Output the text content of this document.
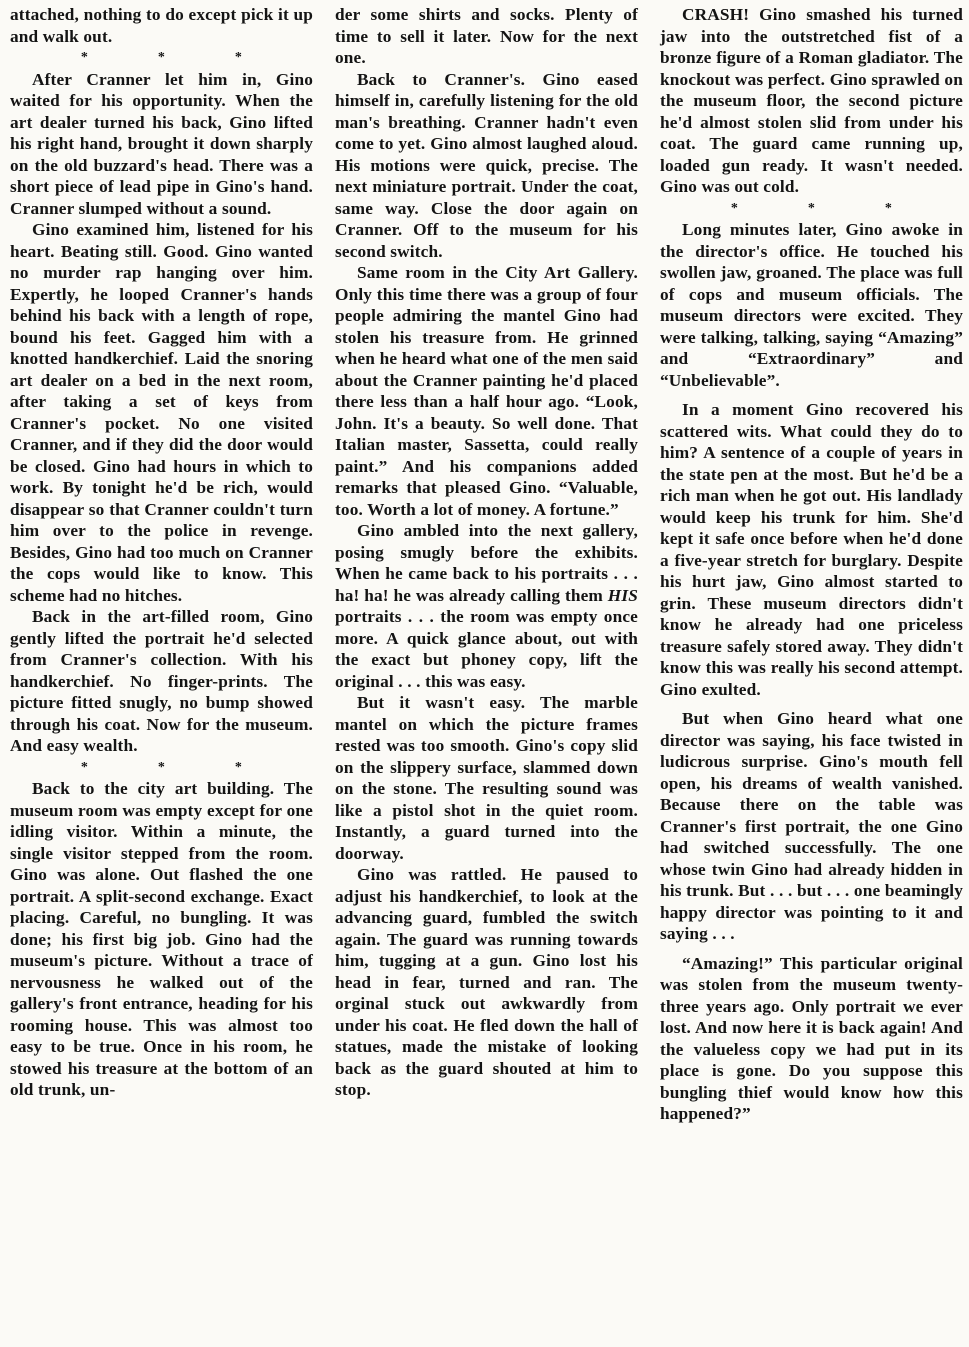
attached, nothing to do except pick it up and walk out.

*	*	*

After Cranner let him in, Gino waited for his opportunity. When the art dealer turned his back, Gino lifted his right hand, brought it down sharply on the old buzzard's head. There was a short piece of lead pipe in Gino's hand. Cranner slumped without a sound.

Gino examined him, listened for his heart. Beating still. Good. Gino wanted no murder rap hanging over him. Expertly, he looped Cranner's hands behind his back with a length of rope, bound his feet. Gagged him with a knotted handkerchief. Laid the snoring art dealer on a bed in the next room, after taking a set of keys from Cranner's pocket. No one visited Cranner, and if they did the door would be closed. Gino had hours in which to work. By tonight he'd be rich, would disappear so that Cranner couldn't turn him over to the police in revenge. Besides, Gino had too much on Cranner the cops would like to know. This scheme had no hitches.

Back in the art-filled room, Gino gently lifted the portrait he'd selected from Cranner's collection. With his handkerchief. No finger-prints. The picture fitted snugly, no bump showed through his coat. Now for the museum. And easy wealth.

*	*	*

Back to the city art building. The museum room was empty except for one idling visitor. Within a minute, the single visitor stepped from the room. Gino was alone. Out flashed the one portrait. A split-second exchange. Exact placing. Careful, no bungling. It was done; his first big job. Gino had the museum's picture. Without a trace of nervousness he walked out of the gallery's front entrance, heading for his rooming house. This was almost too easy to be true. Once in his room, he stowed his treasure at the bottom of an old trunk, un-

der some shirts and socks. Plenty of time to sell it later. Now for the next one.

Back to Cranner's. Gino eased himself in, carefully listening for the old man's breathing. Cranner hadn't even come to yet. Gino almost laughed aloud. His motions were quick, precise. The next miniature portrait. Under the coat, same way. Close the door again on Cranner. Off to the museum for his second switch.

Same room in the City Art Gallery. Only this time there was a group of four people admiring the mantel Gino had stolen his treasure from. He grinned when he heard what one of the men said about the Cranner painting he'd placed there less than a half hour ago. “Look, John. It's a beauty. So well done. That Italian master, Sassetta, could really paint.” And his companions added remarks that pleased Gino. “Valuable, too. Worth a lot of money. A fortune.”

Gino ambled into the next gallery, posing smugly before the exhibits. When he came back to his portraits . . . ha! ha! he was already calling them HIS portraits . . . the room was empty once more. A quick glance about, out with the exact but phoney copy, lift the original . . . this was easy.

But it wasn't easy. The marble mantel on which the picture frames rested was too smooth. Gino's copy slid on the slippery surface, slammed down on the stone. The resulting sound was like a pistol shot in the quiet room. Instantly, a guard turned into the doorway.

Gino was rattled. He paused to adjust his handkerchief, to look at the advancing guard, fumbled the switch again. The guard was running towards him, tugging at a gun. Gino lost his head in fear, turned and ran. The orginal stuck out awkwardly from under his coat. He fled down the hall of statues, made the mistake of looking back as the guard shouted at him to stop.

CRASH! Gino smashed his turned jaw into the outstretched fist of a bronze figure of a Roman gladiator. The knockout was perfect. Gino sprawled on the museum floor, the second picture he'd almost stolen slid from under his coat. The guard came running up, loaded gun ready. It wasn't needed. Gino was out cold.

*	*	*

Long minutes later, Gino awoke in the director's office. He touched his swollen jaw, groaned. The place was full of cops and museum officials. The museum directors were excited. They were talking, talking, saying “Amazing” and “Extraordinary” and “Unbelievable”.

In a moment Gino recovered his scattered wits. What could they do to him? A sentence of a couple of years in the state pen at the most. But he'd be a rich man when he got out. His landlady would keep his trunk for him. She'd kept it safe once before when he'd done a five-year stretch for burglary. Despite his hurt jaw, Gino almost started to grin. These museum directors didn't know he already had one priceless treasure safely stored away. They didn't know this was really his second attempt. Gino exulted.

But when Gino heard what one director was saying, his face twisted in ludicrous surprise. Gino's mouth fell open, his dreams of wealth vanished. Because there on the table was Cranner's first portrait, the one Gino had switched successfully. The one whose twin Gino had already hidden in his trunk. But . . . but . . . one beamingly happy director was pointing to it and saying . . .

“Amazing!” This particular original was stolen from the museum twenty-three years ago. Only portrait we ever lost. And now here it is back again! And the valueless copy we had put in its place is gone. Do you suppose this bungling thief would know how this happened?”
